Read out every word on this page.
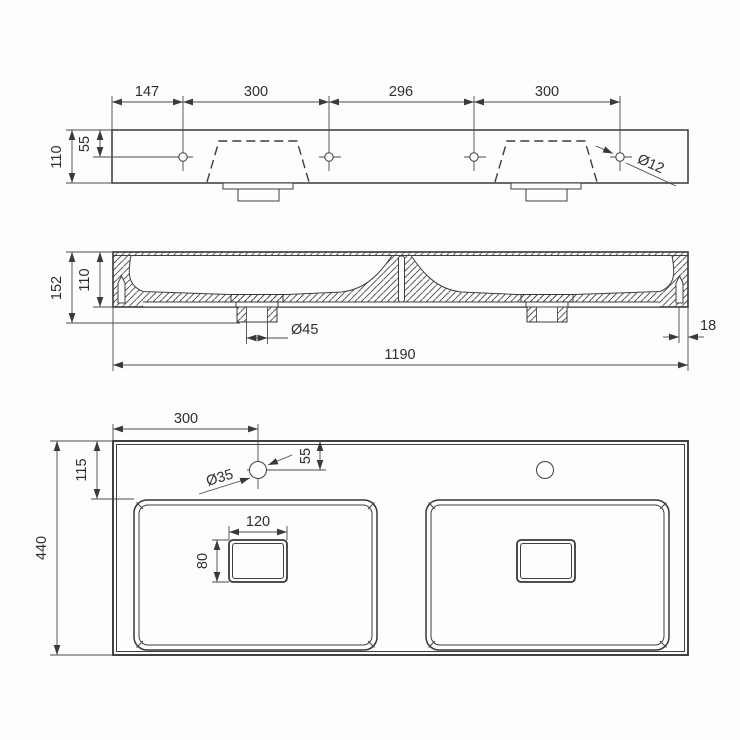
147	300	296	300
110
55
Ø12
152 110
Ø45	18
1190
300
55
Ø35
115
440
120
80
